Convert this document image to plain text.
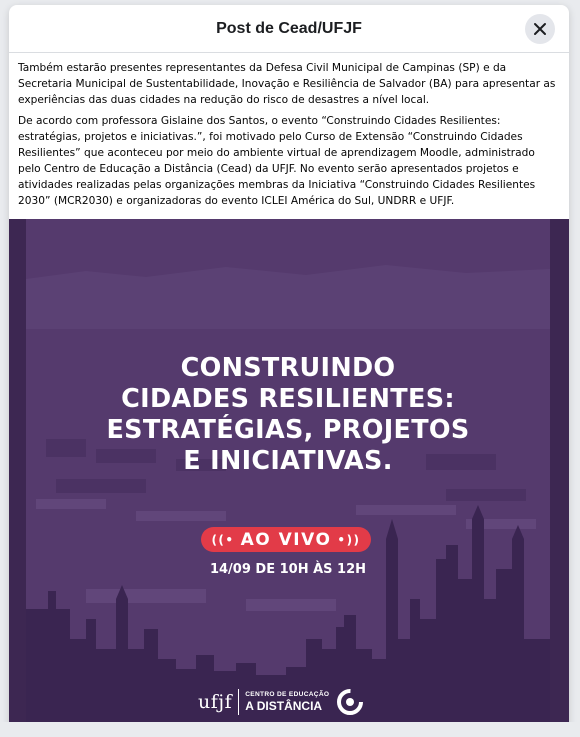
Post de Cead/UFJF

Também estarão presentes representantes da Defesa Civil Municipal de Campinas (SP) e da Secretaria Municipal de Sustentabilidade, Inovação e Resiliência de Salvador (BA) para apresentar as experiências das duas cidades na redução do risco de desastres a nível local.

De acordo com professora Gislaine dos Santos, o evento “Construindo Cidades Resilientes: estratégias, projetos e iniciativas.”, foi motivado pelo Curso de Extensão “Construindo Cidades Resilientes” que aconteceu por meio do ambiente virtual de aprendizagem Moodle, administrado pelo Centro de Educação a Distância (Cead) da UFJF. No evento serão apresentados projetos e atividades realizadas pelas organizações membras da Iniciativa “Construindo Cidades Resilientes 2030” (MCR2030) e organizadoras do evento ICLEI América do Sul, UNDRR e UFJF.

CONSTRUINDO
CIDADES RESILIENTES:
ESTRATÉGIAS, PROJETOS
E INICIATIVAS.
((• AO VIVO •))
14/09 DE 10H ÀS 12H
ufjf CENTRO DE EDUCAÇÃO
A DISTÂNCIA
